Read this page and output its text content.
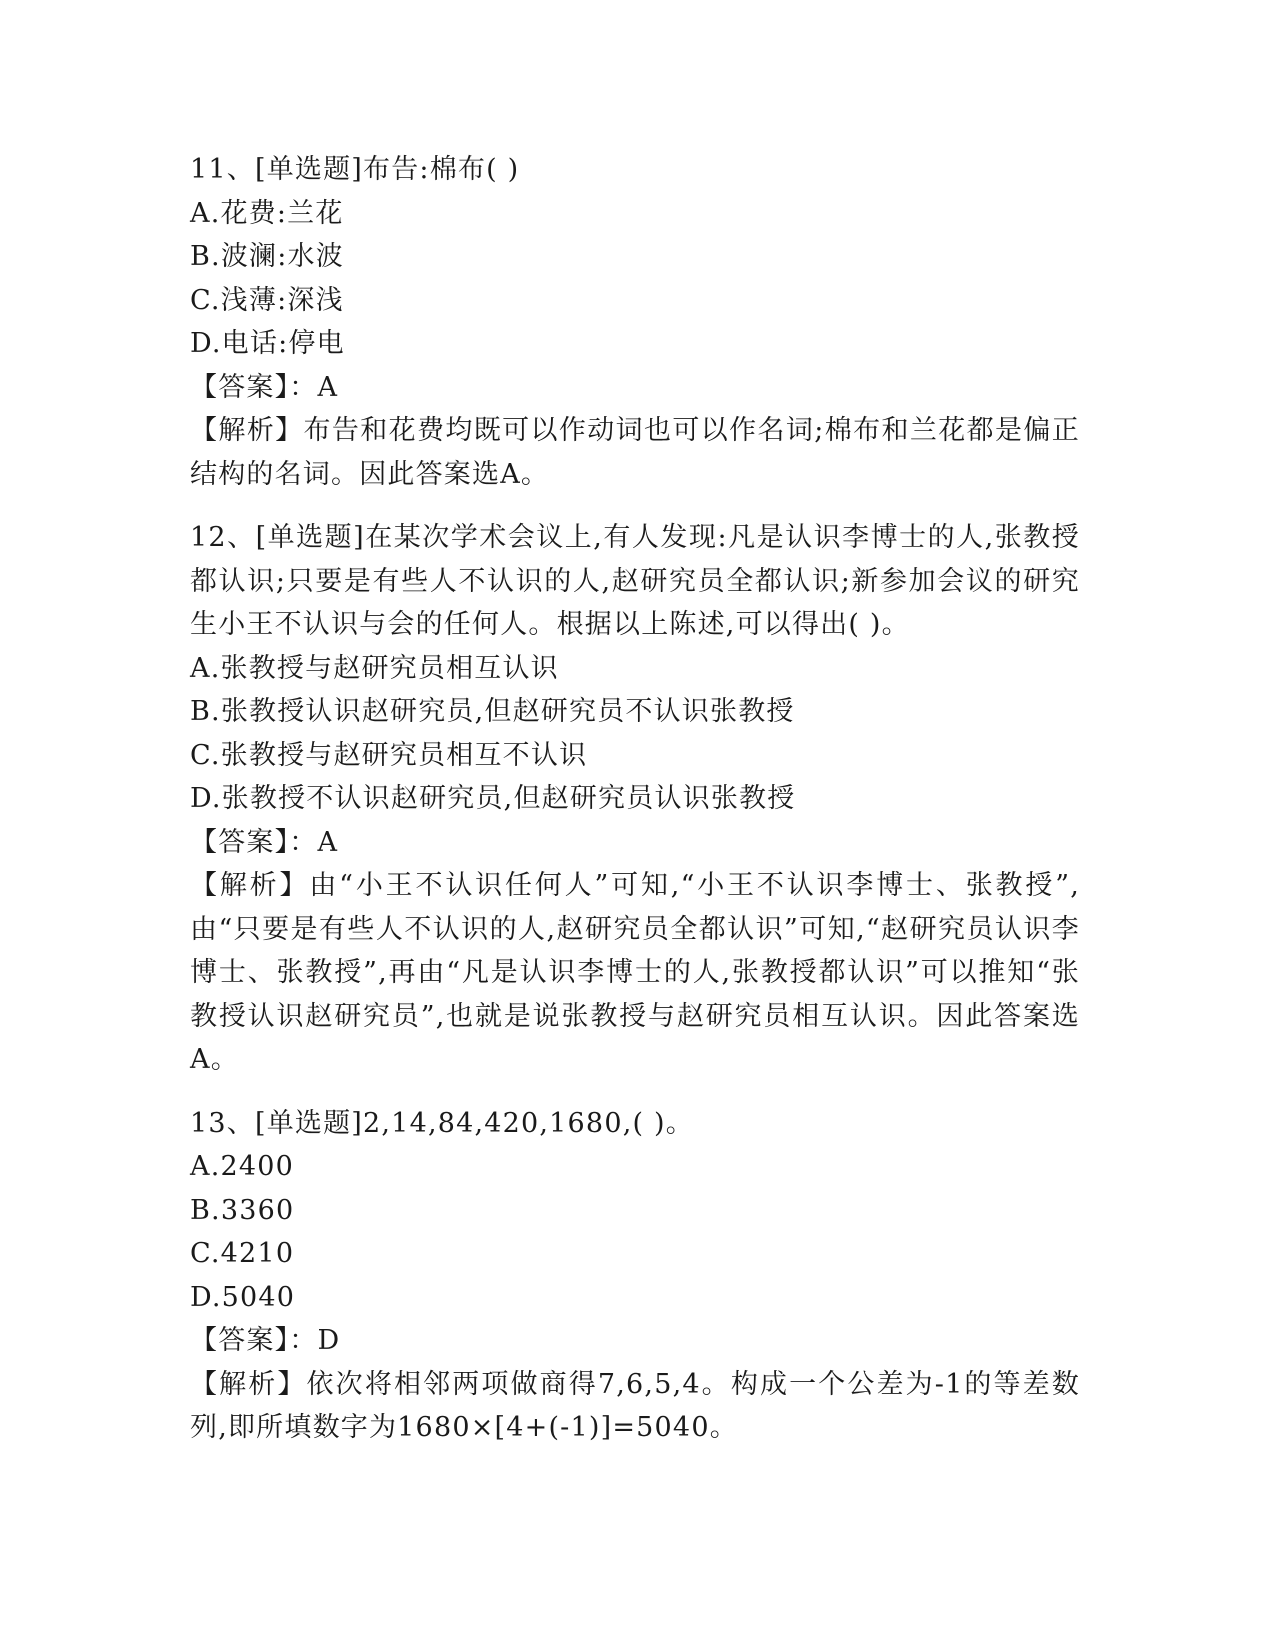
11、[单选题]布告:棉布( )
A.花费:兰花
B.波澜:水波
C.浅薄:深浅
D.电话:停电
【答案】：A
【解析】布告和花费均既可以作动词也可以作名词;棉布和兰花都是偏正结构的名词。因此答案选A。
12、[单选题]在某次学术会议上,有人发现:凡是认识李博士的人,张教授都认识;只要是有些人不认识的人,赵研究员全都认识;新参加会议的研究生小王不认识与会的任何人。根据以上陈述,可以得出( )。
A.张教授与赵研究员相互认识
B.张教授认识赵研究员,但赵研究员不认识张教授
C.张教授与赵研究员相互不认识
D.张教授不认识赵研究员,但赵研究员认识张教授
【答案】：A
【解析】由“小王不认识任何人”可知,“小王不认识李博士、张教授”,由“只要是有些人不认识的人,赵研究员全都认识”可知,“赵研究员认识李博士、张教授”,再由“凡是认识李博士的人,张教授都认识”可以推知“张教授认识赵研究员”,也就是说张教授与赵研究员相互认识。因此答案选A。
13、[单选题]2,14,84,420,1680,( )。
A.2400
B.3360
C.4210
D.5040
【答案】：D
【解析】依次将相邻两项做商得7,6,5,4。构成一个公差为-1的等差数列,即所填数字为1680×[4+(-1)]=5040。
